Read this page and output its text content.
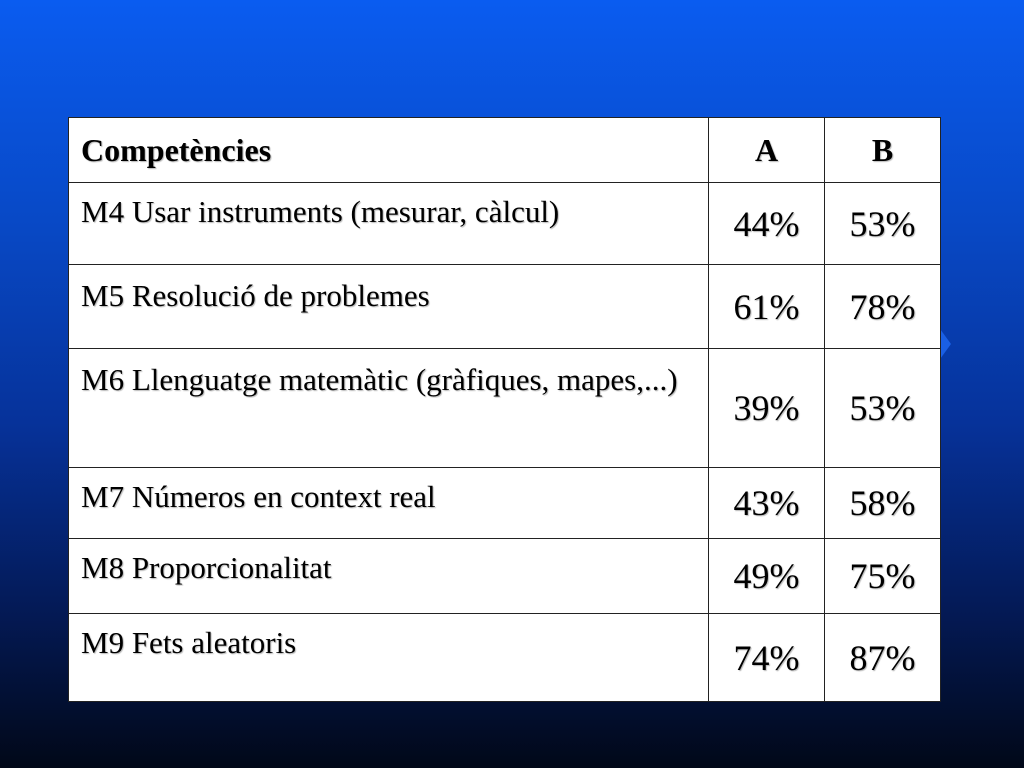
Competències	A	B
M4 Usar instruments (mesurar, càlcul)	44%	53%
M5 Resolució de problemes	61%	78%
M6 Llenguatge matemàtic (gràfiques, mapes,...)	39%	53%
M7 Números en context real	43%	58%
M8 Proporcionalitat	49%	75%
M9 Fets aleatoris	74%	87%
